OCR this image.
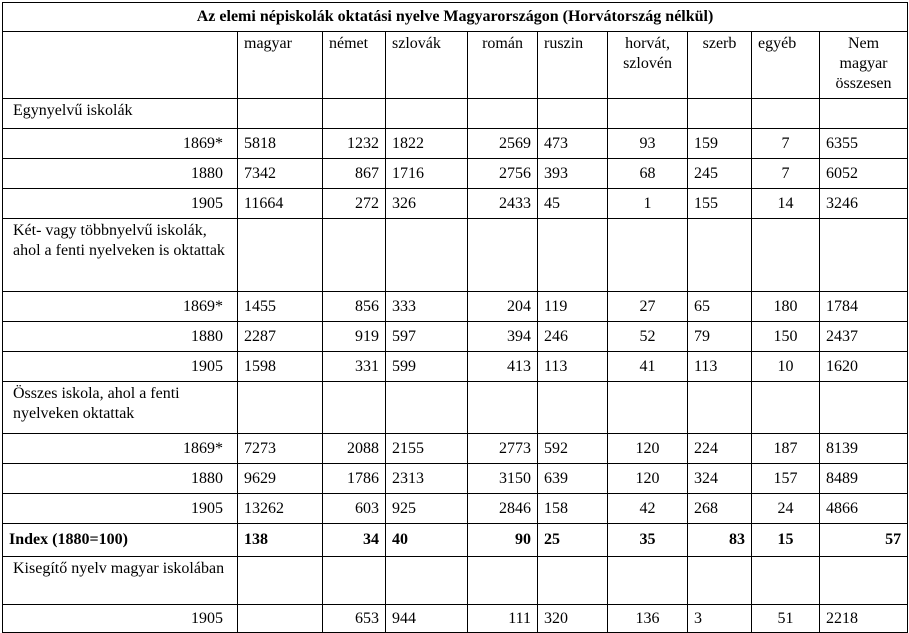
Az elemi népiskolák oktatási nyelve Magyarországon (Horvátország nélkül)									
	magyar	német	szlovák	román	ruszin	horvát, szlovén	szerb	egyéb	Nem magyar összesen
Egynyelvű iskolák									
1869*	5818	1232	1822	2569	473	93	159	7	6355
1880	7342	867	1716	2756	393	68	245	7	6052
1905	11664	272	326	2433	45	1	155	14	3246
Két- vagy többnyelvű iskolák, ahol a fenti nyelveken is oktattak									
1869*	1455	856	333	204	119	27	65	180	1784
1880	2287	919	597	394	246	52	79	150	2437
1905	1598	331	599	413	113	41	113	10	1620
Összes iskola, ahol a fenti nyelveken oktattak									
1869*	7273	2088	2155	2773	592	120	224	187	8139
1880	9629	1786	2313	3150	639	120	324	157	8489
1905	13262	603	925	2846	158	42	268	24	4866
Index (1880=100)	138	34	40	90	25	35	83	15	57
Kisegítő nyelv magyar iskolában									
1905		653	944	111	320	136	3	51	2218
